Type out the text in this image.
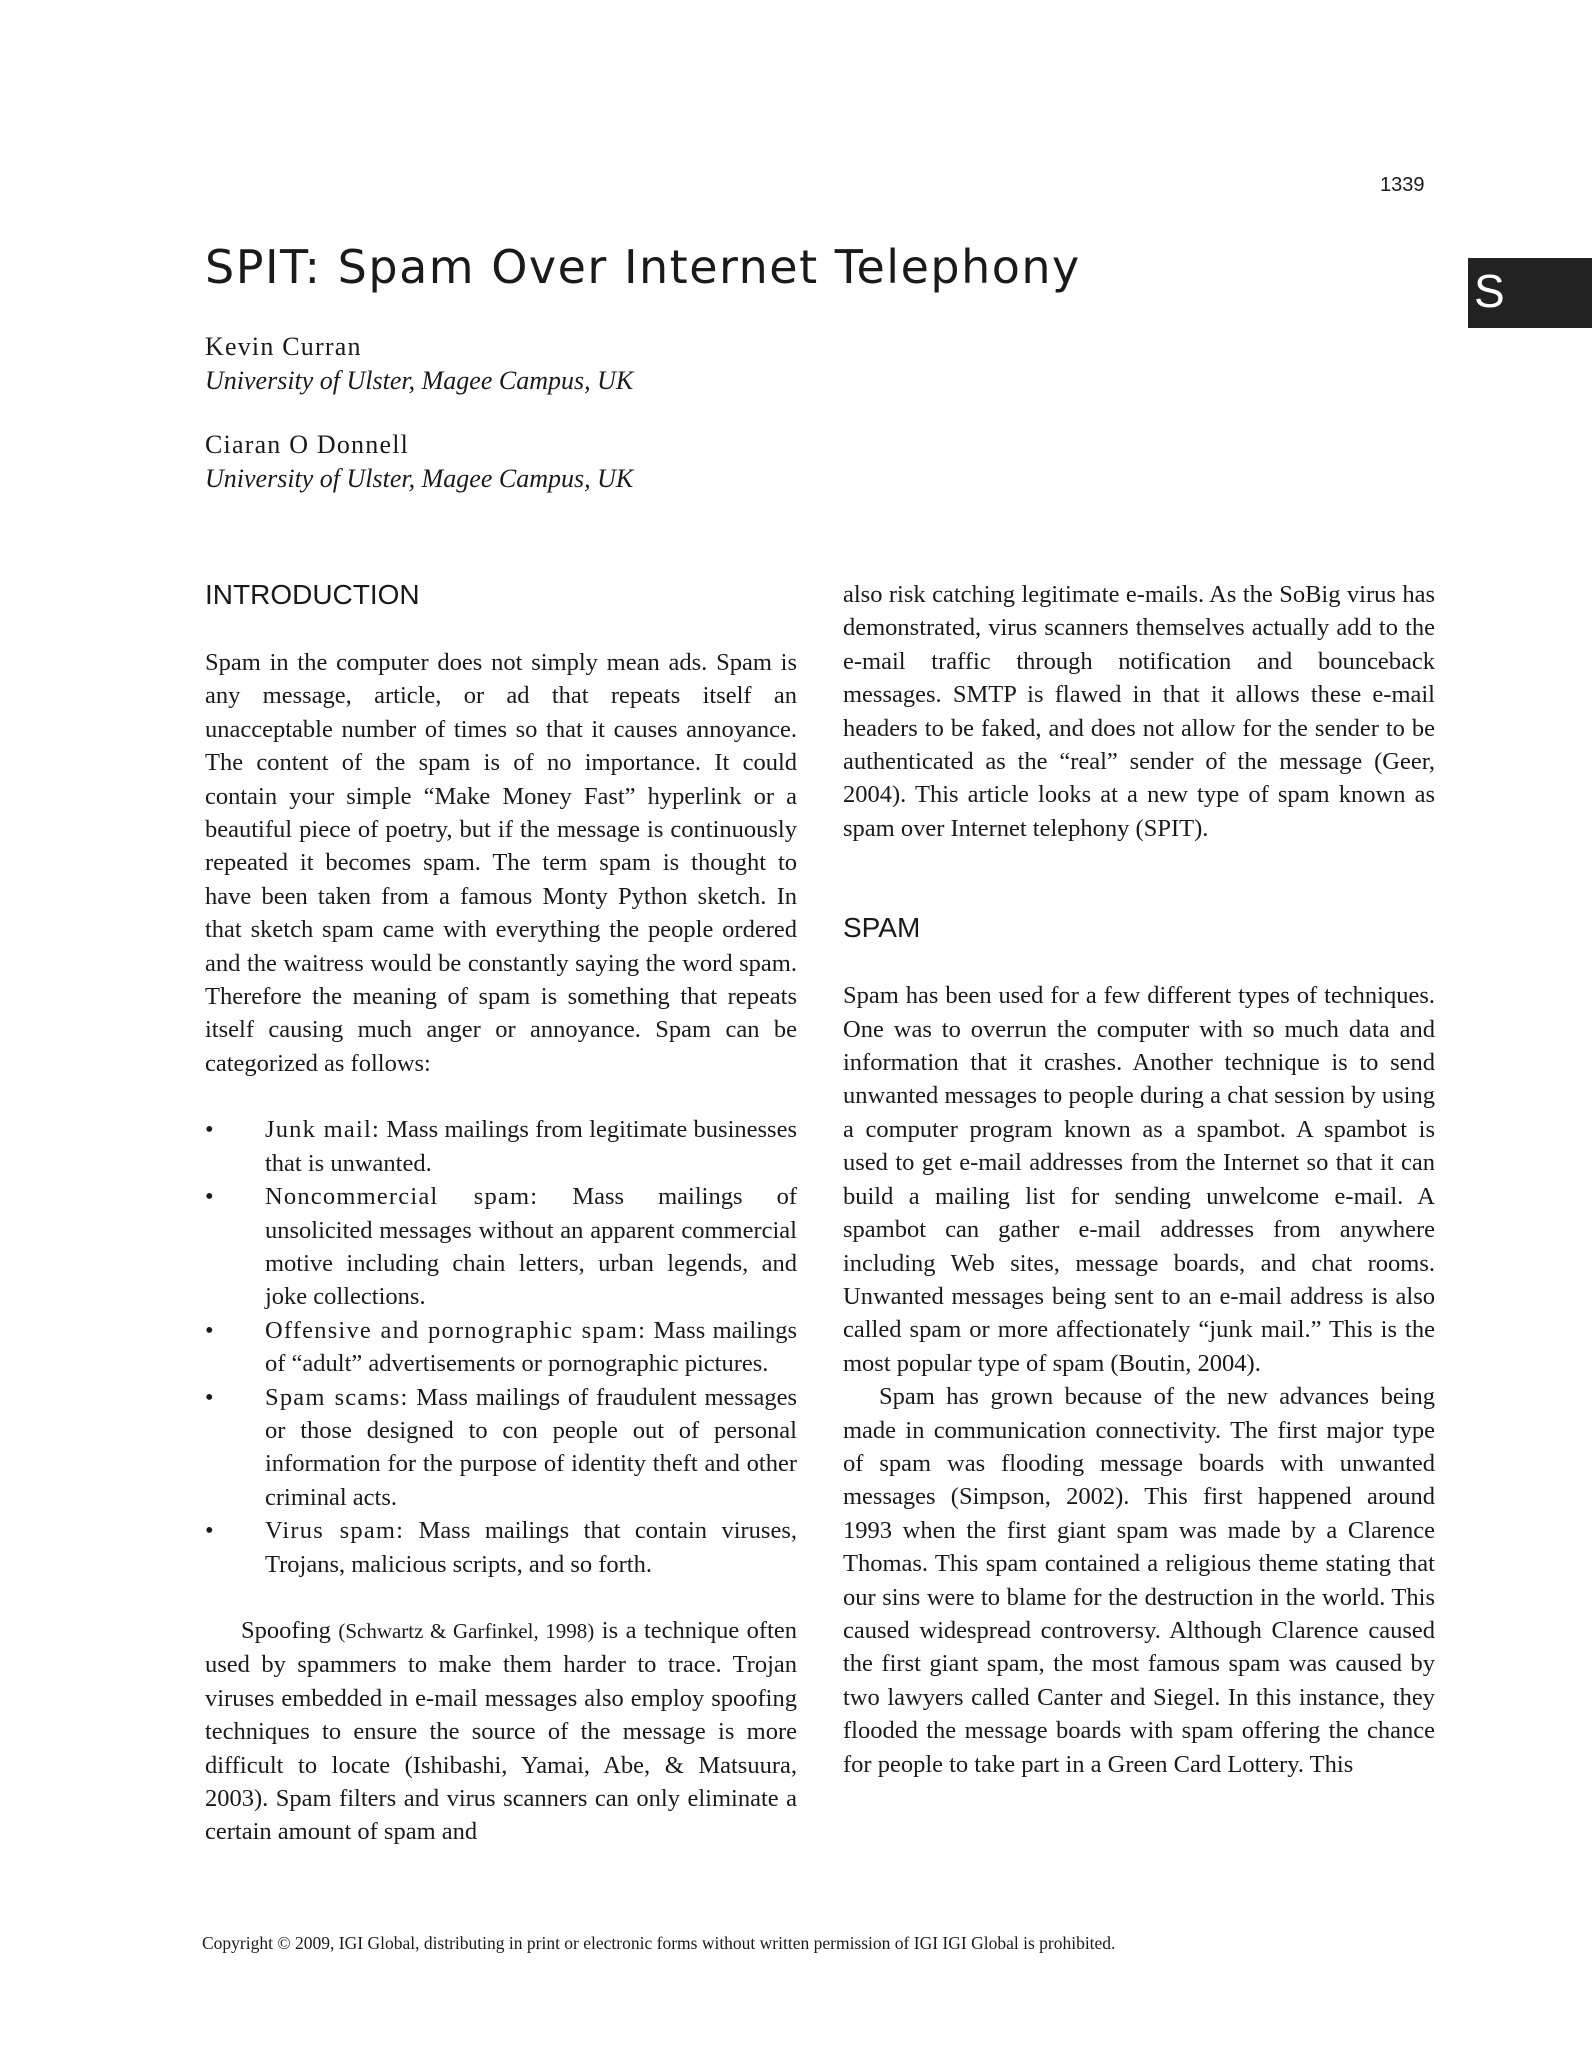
1339
S
SPIT: Spam Over Internet Telephony
Kevin Curran
University of Ulster, Magee Campus, UK
Ciaran O Donnell
University of Ulster, Magee Campus, UK
INTRODUCTION

Spam in the computer does not simply mean ads. Spam is any message, article, or ad that repeats itself an unacceptable number of times so that it causes annoyance. The content of the spam is of no importance. It could contain your simple “Make Money Fast” hyperlink or a beautiful piece of poetry, but if the message is continuously repeated it becomes spam. The term spam is thought to have been taken from a famous Monty Python sketch. In that sketch spam came with everything the people ordered and the waitress would be constantly saying the word spam. Therefore the meaning of spam is something that repeats itself causing much anger or annoyance. Spam can be categorized as follows:

• Junk mail: Mass mailings from legitimate businesses that is unwanted.
• Noncommercial spam: Mass mailings of unsolicited messages without an apparent commercial motive including chain letters, urban legends, and joke collections.
• Offensive and pornographic spam: Mass mailings of “adult” advertisements or pornographic pictures.
• Spam scams: Mass mailings of fraudulent messages or those designed to con people out of personal information for the purpose of identity theft and other criminal acts.
• Virus spam: Mass mailings that contain viruses, Trojans, malicious scripts, and so forth.

Spoofing (Schwartz & Garfinkel, 1998) is a technique often used by spammers to make them harder to trace. Trojan viruses embedded in e-mail messages also employ spoofing techniques to ensure the source of the message is more difficult to locate (Ishibashi, Yamai, Abe, & Matsuura, 2003). Spam filters and virus scanners can only eliminate a certain amount of spam and

also risk catching legitimate e-mails. As the SoBig virus has demonstrated, virus scanners themselves actually add to the e-mail traffic through notification and bounceback messages. SMTP is flawed in that it allows these e-mail headers to be faked, and does not allow for the sender to be authenticated as the “real” sender of the message (Geer, 2004). This article looks at a new type of spam known as spam over Internet telephony (SPIT).

SPAM

Spam has been used for a few different types of techniques. One was to overrun the computer with so much data and information that it crashes. Another technique is to send unwanted messages to people during a chat session by using a computer program known as a spambot. A spambot is used to get e-mail addresses from the Internet so that it can build a mailing list for sending unwelcome e-mail. A spambot can gather e-mail addresses from anywhere including Web sites, message boards, and chat rooms. Unwanted messages being sent to an e-mail address is also called spam or more affectionately “junk mail.” This is the most popular type of spam (Boutin, 2004).

Spam has grown because of the new advances being made in communication connectivity. The first major type of spam was flooding message boards with unwanted messages (Simpson, 2002). This first happened around 1993 when the first giant spam was made by a Clarence Thomas. This spam contained a religious theme stating that our sins were to blame for the destruction in the world. This caused widespread controversy. Although Clarence caused the first giant spam, the most famous spam was caused by two lawyers called Canter and Siegel. In this instance, they flooded the message boards with spam offering the chance for people to take part in a Green Card Lottery. This

Copyright © 2009, IGI Global, distributing in print or electronic forms without written permission of IGI IGI Global is prohibited.
